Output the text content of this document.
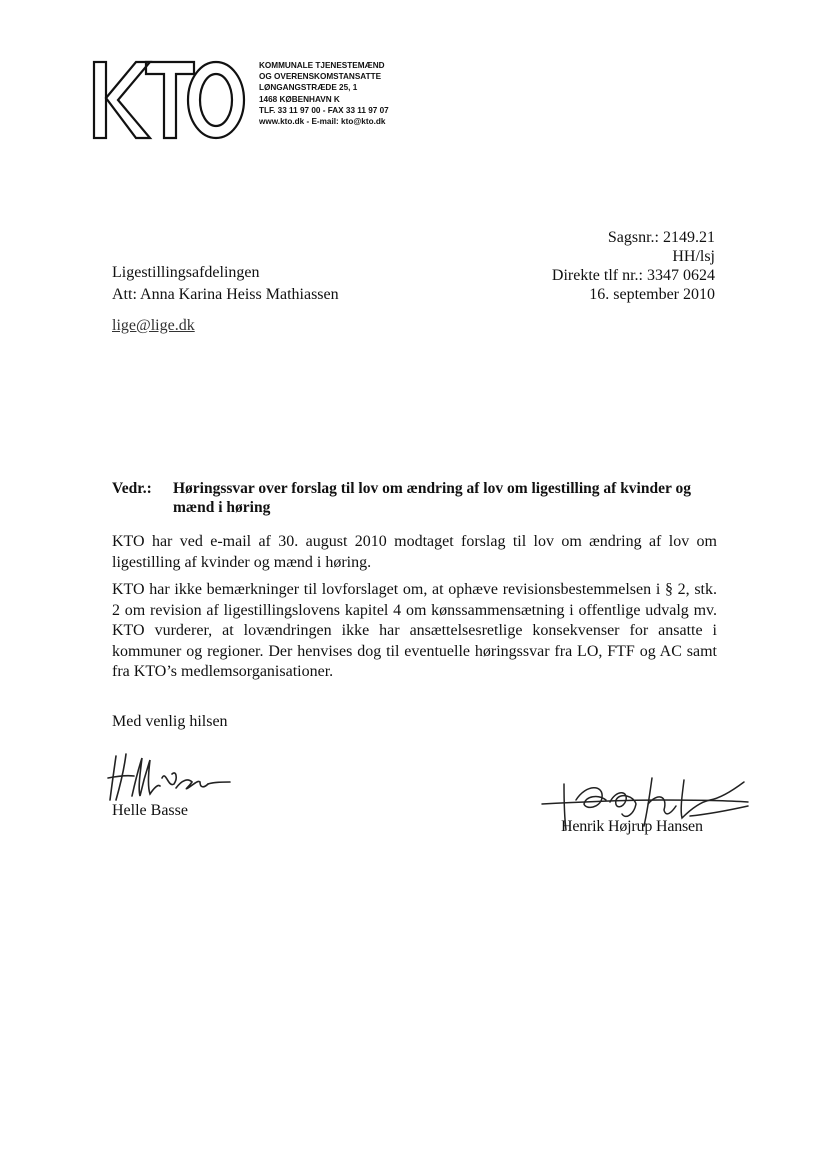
KOMMUNALE TJENESTEMÆND
OG OVERENSKOMSTANSATTE
LØNGANGSTRÆDE 25, 1
1468 KØBENHAVN K
TLF. 33 11 97 00 - FAX 33 11 97 07
www.kto.dk - E-mail: kto@kto.dk
Sagsnr.: 2149.21
HH/lsj
Direkte tlf nr.: 3347 0624
16. september 2010
Ligestillingsafdelingen
Att: Anna Karina Heiss Mathiassen
lige@lige.dk
Vedr.: Høringssvar over forslag til lov om ændring af lov om ligestilling af kvinder og mænd i høring

KTO har ved e-mail af 30. august 2010 modtaget forslag til lov om ændring af lov om ligestilling af kvinder og mænd i høring.

KTO har ikke bemærkninger til lovforslaget om, at ophæve revisionsbestemmelsen i § 2, stk. 2 om revision af ligestillingslovens kapitel 4 om kønssammensætning i offentlige udvalg mv. KTO vurderer, at lovændringen ikke har ansættelsesretlige konsekvenser for ansatte i kommuner og regioner. Der henvises dog til eventuelle høringssvar fra LO, FTF og AC samt fra KTO’s medlemsorganisationer.

Med venlig hilsen
Helle Basse
Henrik Højrup Hansen
